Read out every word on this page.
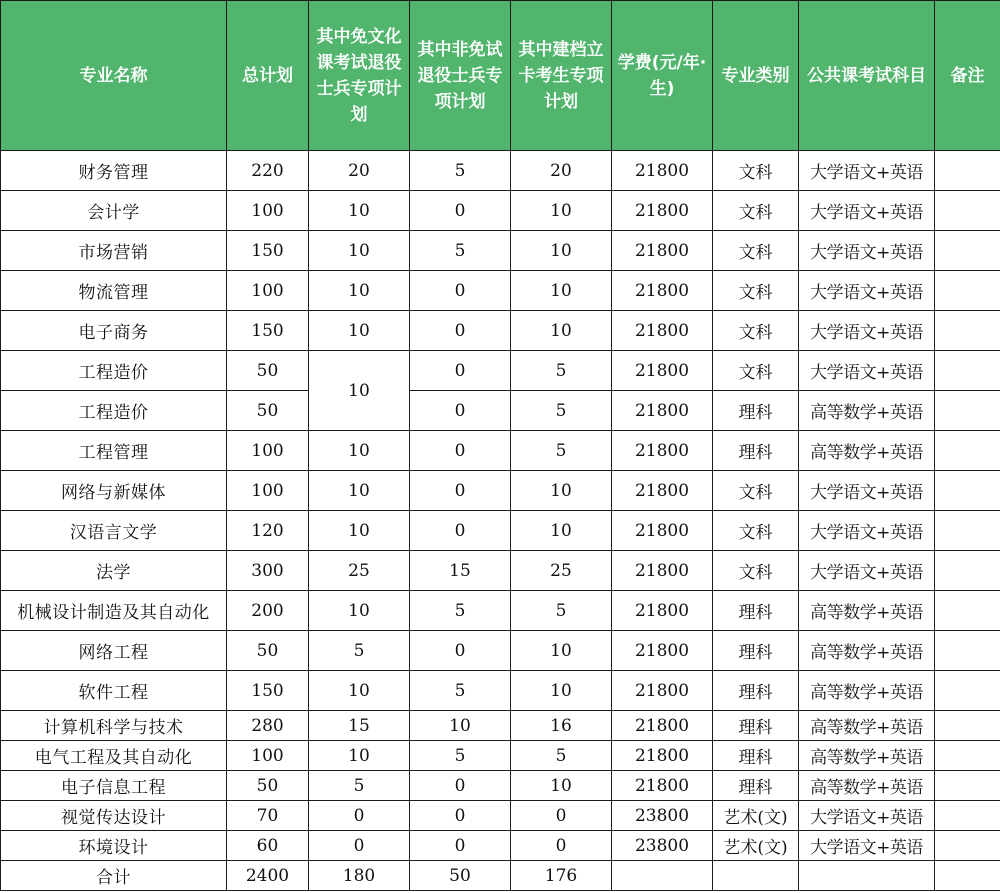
专业名称	总计划	其中免文化课考试退役士兵专项计划	其中非免试退役士兵专项计划	其中建档立卡考生专项计划	学费(元/年·生)	专业类别	公共课考试科目	备注
财务管理	220	20	5	20	21800	文科	大学语文+英语	
会计学	100	10	0	10	21800	文科	大学语文+英语	
市场营销	150	10	5	10	21800	文科	大学语文+英语	
物流管理	100	10	0	10	21800	文科	大学语文+英语	
电子商务	150	10	0	10	21800	文科	大学语文+英语	
工程造价	50	10	0	5	21800	文科	大学语文+英语	
工程造价	50		0	5	21800	理科	高等数学+英语	
工程管理	100	10	0	5	21800	理科	高等数学+英语	
网络与新媒体	100	10	0	10	21800	文科	大学语文+英语	
汉语言文学	120	10	0	10	21800	文科	大学语文+英语	
法学	300	25	15	25	21800	文科	大学语文+英语	
机械设计制造及其自动化	200	10	5	5	21800	理科	高等数学+英语	
网络工程	50	5	0	10	21800	理科	高等数学+英语	
软件工程	150	10	5	10	21800	理科	高等数学+英语	
计算机科学与技术	280	15	10	16	21800	理科	高等数学+英语	
电气工程及其自动化	100	10	5	5	21800	理科	高等数学+英语	
电子信息工程	50	5	0	10	21800	理科	高等数学+英语	
视觉传达设计	70	0	0	0	23800	艺术(文)	大学语文+英语	
环境设计	60	0	0	0	23800	艺术(文)	大学语文+英语	
合计	2400	180	50	176				
